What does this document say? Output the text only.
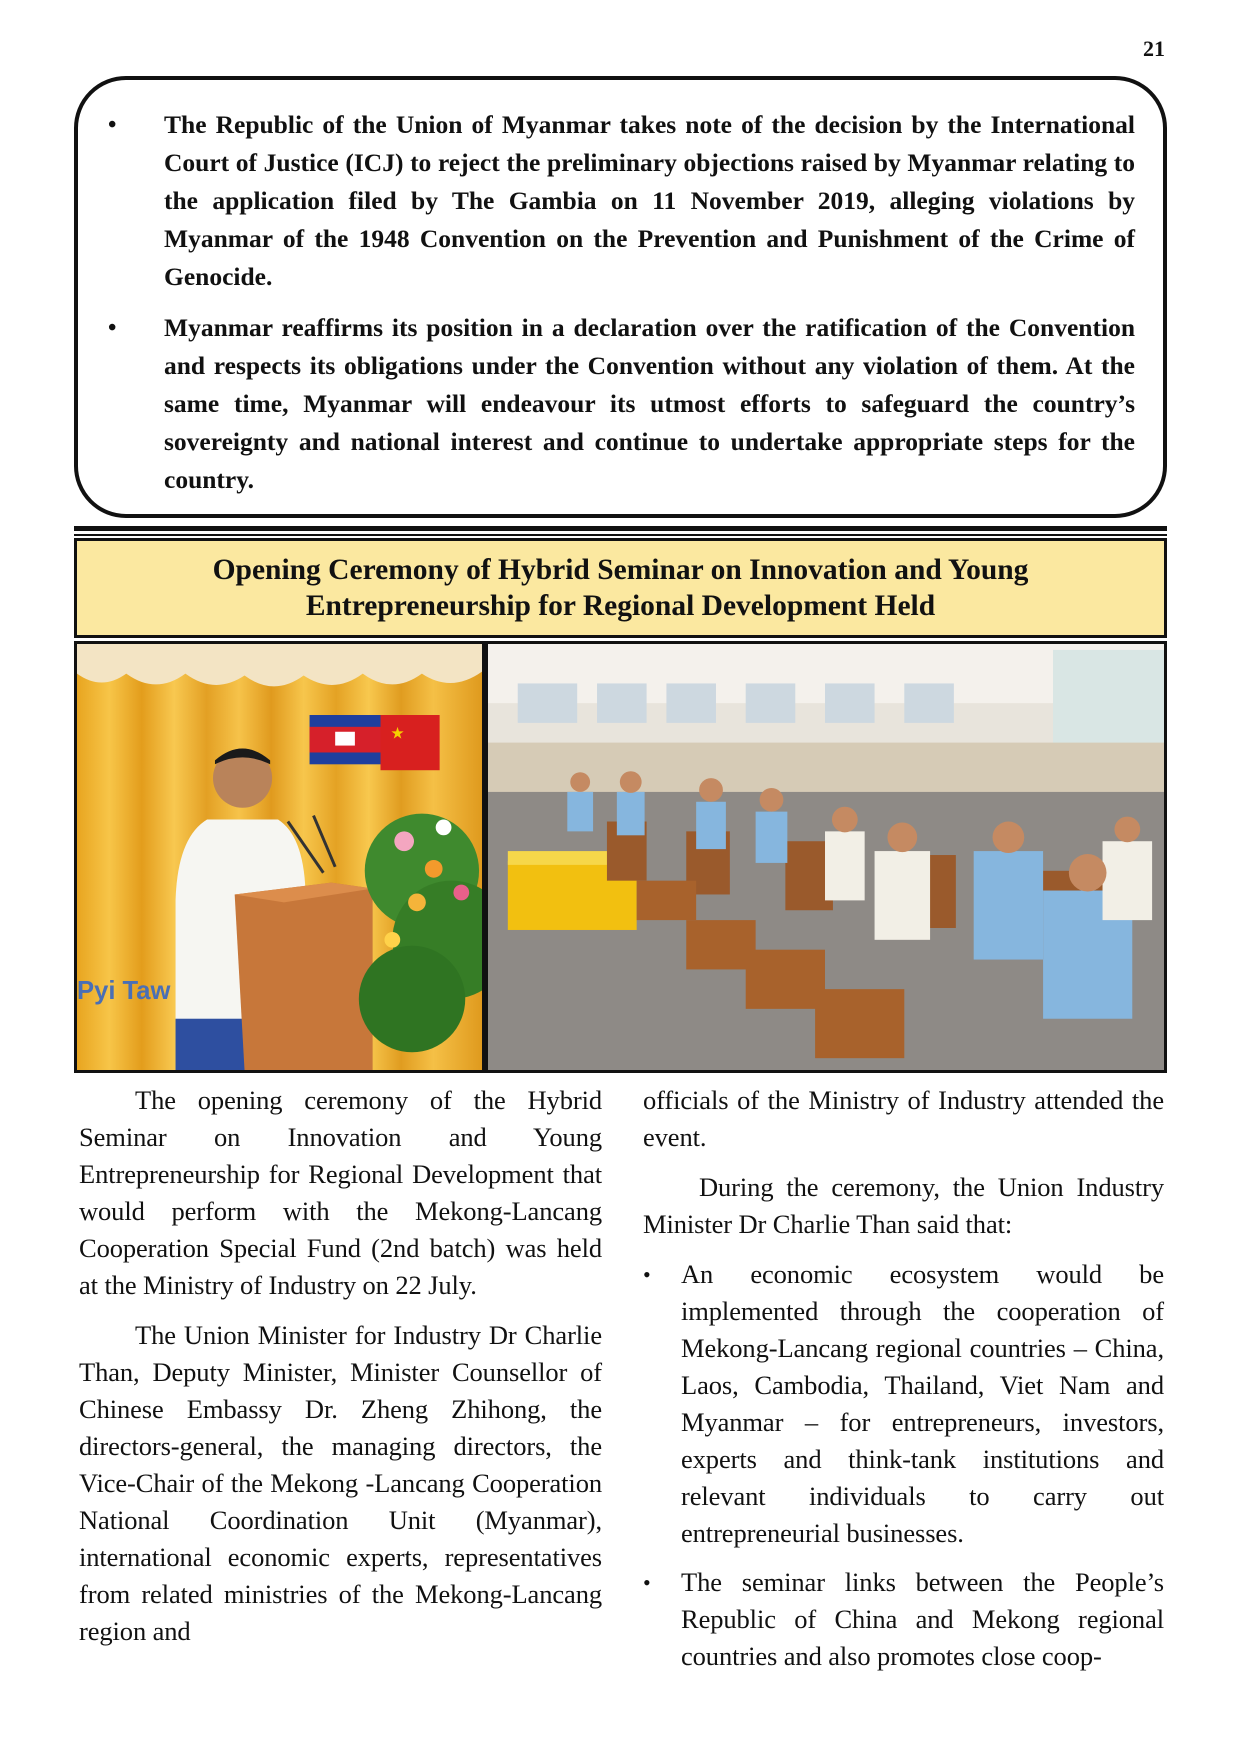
21
• The Republic of the Union of Myanmar takes note of the decision by the International Court of Justice (ICJ) to reject the preliminary objections raised by Myanmar relating to the application filed by The Gambia on 11 November 2019, alleging violations by Myanmar of the 1948 Convention on the Prevention and Punishment of the Crime of Genocide.
• Myanmar reaffirms its position in a declaration over the ratification of the Convention and respects its obligations under the Convention without any violation of them. At the same time, Myanmar will endeavour its utmost efforts to safeguard the country’s sovereignty and national interest and continue to undertake appropriate steps for the country.
Opening Ceremony of Hybrid Seminar on Innovation and Young
Entrepreneurship for Regional Development Held
★
Pyi Taw

The opening ceremony of the Hybrid Seminar on Innovation and Young Entrepreneurship for Regional Development that would perform with the Mekong-Lancang Cooperation Special Fund (2nd batch) was held at the Ministry of Industry on 22 July.

The Union Minister for Industry Dr Charlie Than, Deputy Minister, Minister Counsellor of Chinese Embassy Dr. Zheng Zhihong, the directors-general, the managing directors, the Vice-Chair of the Mekong -Lancang Cooperation National Coordination Unit (Myanmar), international economic experts, representatives from related ministries of the Mekong-Lancang region and

officials of the Ministry of Industry attended the event.

During the ceremony, the Union Industry Minister Dr Charlie Than said that:

• An economic ecosystem would be implemented through the cooperation of Mekong-Lancang regional countries – China, Laos, Cambodia, Thailand, Viet Nam and Myanmar – for entrepreneurs, investors, experts and think-tank institutions and relevant individuals to carry out entrepreneurial businesses.
• The seminar links between the People’s Republic of China and Mekong regional countries and also promotes close coop-
